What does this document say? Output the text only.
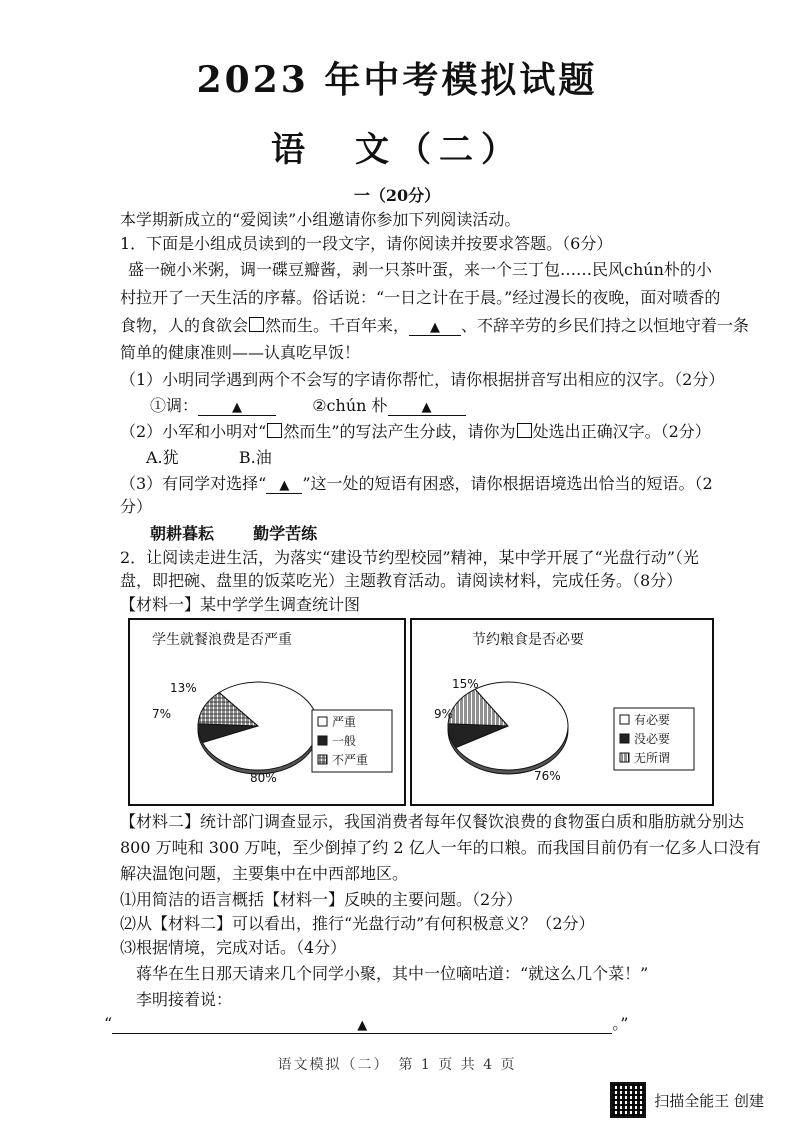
2023 年中考模拟试题
语　文（二）
一（20分）
本学期新成立的“爱阅读”小组邀请你参加下列阅读活动。
1．下面是小组成员读到的一段文字，请你阅读并按要求答题。（6分）
盛一碗小米粥，调一碟豆瓣酱，剥一只茶叶蛋，来一个三丁包……民风chún朴的小
村拉开了一天生活的序幕。俗话说：“一日之计在于晨。”经过漫长的夜晚，面对喷香的
食物，人的食欲会 然而生。千百年来， ▲ 、不辞辛劳的乡民们持之以恒地守着一条
简单的健康准则——认真吃早饭！
（1）小明同学遇到两个不会写的字请你帮忙，请你根据拼音写出相应的汉字。（2分）
①调：	▲	②chún 朴	▲
（2）小军和小明对“ 然而生”的写法产生分歧，请你为 处选出正确汉字。（2分）
A.犹	B.油
（3）有同学对选择“ ▲ ”这一处的短语有困惑，请你根据语境选出恰当的短语。（2
分）
朝耕暮耘 勤学苦练
2．让阅读走进生活，为落实“建设节约型校园”精神，某中学开展了“光盘行动”（光
盘，即把碗、盘里的饭菜吃光）主题教育活动。请阅读材料，完成任务。（8分）
【材料一】某中学学生调查统计图
学生就餐浪费是否严重
80%
7%
13%
严重
一般
不严重
节约粮食是否必要
76%
9%
15%
有必要
没必要
无所谓
【材料二】统计部门调查显示，我国消费者每年仅餐饮浪费的食物蛋白质和脂肪就分别达
800 万吨和 300 万吨，至少倒掉了约 2 亿人一年的口粮。而我国目前仍有一亿多人口没有
解决温饱问题，主要集中在中西部地区。
⑴用简洁的语言概括【材料一】反映的主要问题。（2分）
⑵从【材料二】可以看出，推行“光盘行动”有何积极意义？（2分）
⑶根据情境，完成对话。（4分）
蒋华在生日那天请来几个同学小聚，其中一位嘀咕道：“就这么几个菜！”
李明接着说：
“	▲	。”
语文模拟（二）　第 1 页 共 4 页
扫描全能王 创建
